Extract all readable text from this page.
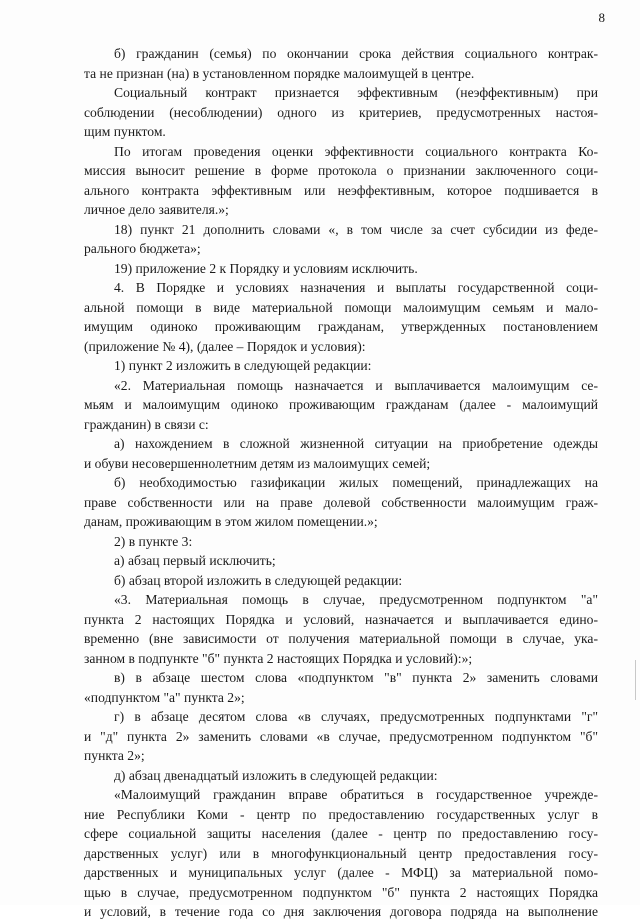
8
б) гражданин (семья) по окончании срока действия социального контрак-
та не признан (на) в установленном порядке малоимущей в центре.
Социальный контракт признается эффективным (неэффективным) при
соблюдении (несоблюдении) одного из критериев, предусмотренных настоя-
щим пунктом.
По итогам проведения оценки эффективности социального контракта Ко-
миссия выносит решение в форме протокола о признании заключенного соци-
ального контракта эффективным или неэффективным, которое подшивается в
личное дело заявителя.»;
18) пункт 21 дополнить словами «, в том числе за счет субсидии из феде-
рального бюджета»;
19) приложение 2 к Порядку и условиям исключить.
4. В Порядке и условиях назначения и выплаты государственной соци-
альной помощи в виде материальной помощи малоимущим семьям и мало-
имущим одиноко проживающим гражданам, утвержденных постановлением
(приложение № 4), (далее – Порядок и условия):
1) пункт 2 изложить в следующей редакции:
«2. Материальная помощь назначается и выплачивается малоимущим се-
мьям и малоимущим одиноко проживающим гражданам (далее - малоимущий
гражданин) в связи с:
а) нахождением в сложной жизненной ситуации на приобретение одежды
и обуви несовершеннолетним детям из малоимущих семей;
б) необходимостью газификации жилых помещений, принадлежащих на
праве собственности или на праве долевой собственности малоимущим граж-
данам, проживающим в этом жилом помещении.»;
2) в пункте 3:
а) абзац первый исключить;
б) абзац второй изложить в следующей редакции:
«3. Материальная помощь в случае, предусмотренном подпунктом "а"
пункта 2 настоящих Порядка и условий, назначается и выплачивается едино-
временно (вне зависимости от получения материальной помощи в случае, ука-
занном в подпункте "б" пункта 2 настоящих Порядка и условий):»;
в) в абзаце шестом слова «подпунктом "в" пункта 2» заменить словами
«подпунктом "а" пункта 2»;
г) в абзаце десятом слова «в случаях, предусмотренных подпунктами "г"
и "д" пункта 2» заменить словами «в случае, предусмотренном подпунктом "б"
пункта 2»;
д) абзац двенадцатый изложить в следующей редакции:
«Малоимущий гражданин вправе обратиться в государственное учрежде-
ние Республики Коми - центр по предоставлению государственных услуг в
сфере социальной защиты населения (далее - центр по предоставлению госу-
дарственных услуг) или в многофункциональный центр предоставления госу-
дарственных и муниципальных услуг (далее - МФЦ) за материальной помо-
щью в случае, предусмотренном подпунктом "б" пункта 2 настоящих Порядка
и условий, в течение года со дня заключения договора подряда на выполнение
